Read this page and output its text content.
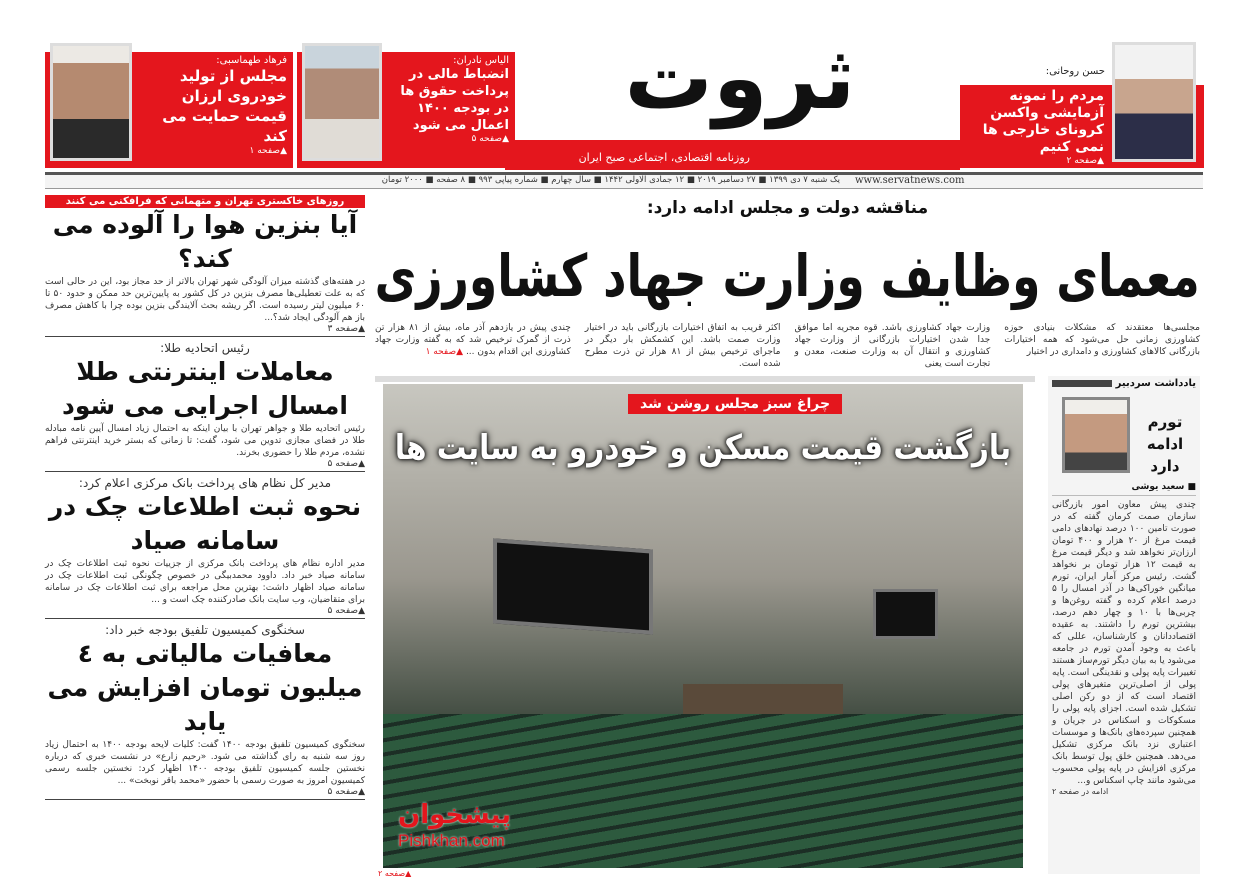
مردم را نمونه آزمایشی واکسن کرونای خارجی ها نمی کنیم
▲صفحه ۲
حسن روحانی:
روزنامه اقتصادی، اجتماعی صبح ایران
ثروت
الیاس نادران:
انضباط مالی در پرداخت حقوق ها در بودجه ۱۴۰۰ اعمال می شود
▲صفحه ۵
فرهاد طهماسبی:
مجلس از تولید خودروی ارزان قیمت حمایت می کند
▲صفحه ۱
www.servatnews.com
یک شنبه ۷ دی ۱۳۹۹ ■ ۲۷ دسامبر ۲۰۱۹ ■ ۱۲ جمادی الاولی ۱۴۴۲ ■ سال چهارم ■ شماره پیاپی ۹۹۳ ■ ۸ صفحه ■ ۲۰۰۰ تومان
روزهای خاکستری تهران و متهمانی که فرافکنی می کنند
آیا بنزین هوا را آلوده می کند؟
در هفته‌های گذشته میزان آلودگی شهر تهران بالاتر از حد مجاز بود، این در حالی است که به علت تعطیلی‌ها مصرف بنزین در کل کشور به پایین‌ترین حد ممکن و حدود ۵۰ تا ۶۰ میلیون لیتر رسیده است. اگر ریشه بحث آلایندگی بنزین بوده چرا با کاهش مصرف باز هم آلودگی ایجاد شد؟...
▲صفحه ۳
رئیس اتحادیه طلا:
معاملات اینترنتی طلا امسال اجرایی می شود
رئیس اتحادیه طلا و جواهر تهران با بیان اینکه به احتمال زیاد امسال آیین نامه مبادله طلا در فضای مجازی تدوین می شود، گفت: تا زمانی که بستر خرید اینترنتی فراهم نشده، مردم طلا را حضوری بخرند.
▲صفحه ۵
مدیر کل نظام های پرداخت بانک مرکزی اعلام کرد:
نحوه ثبت اطلاعات چک در سامانه صیاد
مدیر اداره نظام های پرداخت بانک مرکزی از جزییات نحوه ثبت اطلاعات چک در سامانه صیاد خبر داد. داوود محمدبیگی در خصوص چگونگی ثبت اطلاعات چک در سامانه صیاد اظهار داشت: بهترین محل مراجعه برای ثبت اطلاعات چک در سامانه برای متقاضیان، وب سایت بانک صادرکننده چک است و ...
▲صفحه ۵
سخنگوی کمیسیون تلفیق بودجه خبر داد:
معافیات مالیاتی به ٤ میلیون تومان افزایش می یابد
سخنگوی کمیسیون تلفیق بودجه ۱۴۰۰ گفت: کلیات لایحه بودجه ۱۴۰۰ به احتمال زیاد روز سه شنبه به رای گذاشته می شود. «رحیم زارع» در نشست خبری که درباره نخستین جلسه کمیسیون تلفیق بودجه ۱۴۰۰ اظهار کرد: نخستین جلسه رسمی کمیسیون امروز به صورت رسمی با حضور «محمد باقر نوبخت» ...
▲صفحه ۵
مناقشه دولت و مجلس ادامه دارد:
معمای وظایف وزارت جهاد کشاورزی
مجلسی‌ها معتقدند که مشکلات بنیادی حوزه کشاورزی زمانی حل می‌شود که همه اختیارات بازرگانی کالاهای کشاورزی و دامداری در اختیار
وزارت جهاد کشاورزی باشد. قوه مجریه اما موافق جدا شدن اختیارات بازرگانی از وزارت جهاد کشاورزی و انتقال آن به وزارت صنعت، معدن و تجارت است یعنی
اکثر قریب به اتفاق اختیارات بازرگانی باید در اختیار وزارت صمت باشد. این کشمکش بار دیگر در ماجرای ترخیص بیش از ۸۱ هزار تن ذرت مطرح شده است.
چندی پیش در یازدهم آذر ماه، بیش از ۸۱ هزار تن ذرت از گمرک ترخیص شد که به گفته وزارت جهاد کشاورزی این اقدام بدون ... ▲صفحه ۱
چراغ سبز مجلس روشن شد
بازگشت قیمت مسکن و خودرو به سایت ها
پیشخوان
Pishkhan.com
▲صفحه ۲
یادداشت سردبیر
تورم ادامه دارد
■ سعید یوشی
چندی پیش معاون امور بازرگانی سازمان صمت کرمان گفته که در صورت تامین ۱۰۰ درصد نهادهای دامی قیمت مرغ از ۲۰ هزار و ۴۰۰ تومان ارزان‌تر نخواهد شد و دیگر قیمت مرغ به قیمت ۱۲ هزار تومان بر نخواهد گشت. رئیس مرکز آمار ایران، تورم میانگین خوراکی‌ها در آذر امسال را ۵ درصد اعلام کرده و گفته روغن‌ها و چربی‌ها با ۱۰ و چهار دهم درصد، بیشترین تورم را داشتند. به عقیده اقتصاددانان و کارشناسان، عللی که باعث به وجود آمدن تورم در جامعه می‌شود یا به بیان دیگر تورم‌ساز هستند تغییرات پایه پولی و نقدینگی است. پایه پولی از اصلی‌ترین متغیرهای پولی اقتصاد است که از دو رکن اصلی تشکیل شده است. اجزای پایه پولی را مسکوکات و اسکناس در جریان و همچنین سپرده‌های بانک‌ها و موسسات اعتباری نزد بانک مرکزی تشکیل می‌دهد. همچنین خلق پول توسط بانک مرکزی افزایش در پایه پولی محسوب می‌شود مانند چاپ اسکناس و...
ادامه در صفحه ۲
